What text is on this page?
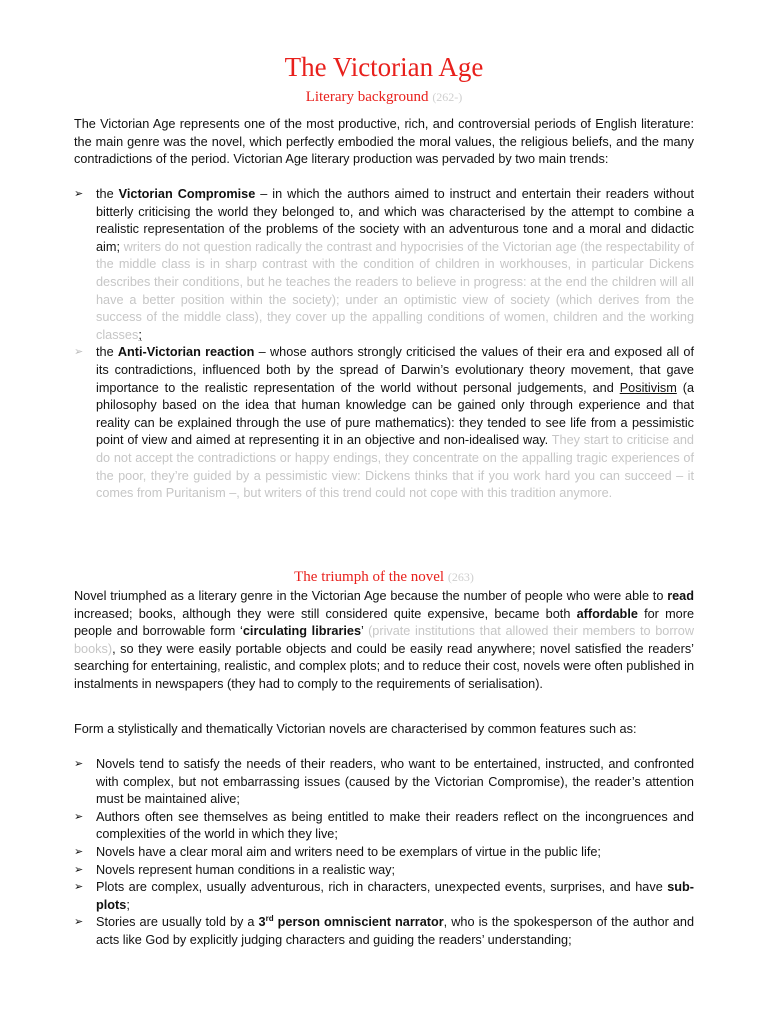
The Victorian Age
Literary background (262-)

The Victorian Age represents one of the most productive, rich, and controversial periods of English literature: the main genre was the novel, which perfectly embodied the moral values, the religious beliefs, and the many contradictions of the period. Victorian Age literary production was pervaded by two main trends:

➢	the Victorian Compromise – in which the authors aimed to instruct and entertain their readers without bitterly criticising the world they belonged to, and which was characterised by the attempt to combine a realistic representation of the problems of the society with an adventurous tone and a moral and didactic aim; writers do not question radically the contrast and hypocrisies of the Victorian age (the respectability of the middle class is in sharp contrast with the condition of children in workhouses, in particular Dickens describes their conditions, but he teaches the readers to believe in progress: at the end the children will all have a better position within the society); under an optimistic view of society (which derives from the success of the middle class), they cover up the appalling conditions of women, children and the working classes;
➢	the Anti-Victorian reaction – whose authors strongly criticised the values of their era and exposed all of its contradictions, influenced both by the spread of Darwin’s evolutionary theory movement, that gave importance to the realistic representation of the world without personal judgements, and Positivism (a philosophy based on the idea that human knowledge can be gained only through experience and that reality can be explained through the use of pure mathematics): they tended to see life from a pessimistic point of view and aimed at representing it in an objective and non-idealised way. They start to criticise and do not accept the contradictions or happy endings, they concentrate on the appalling tragic experiences of the poor, they’re guided by a pessimistic view: Dickens thinks that if you work hard you can succeed – it comes from Puritanism –, but writers of this trend could not cope with this tradition anymore.
The triumph of the novel (263)

Novel triumphed as a literary genre in the Victorian Age because the number of people who were able to read increased; books, although they were still considered quite expensive, became both affordable for more people and borrowable form ‘circulating libraries’ (private institutions that allowed their members to borrow books), so they were easily portable objects and could be easily read anywhere; novel satisfied the readers’ searching for entertaining, realistic, and complex plots; and to reduce their cost, novels were often published in instalments in newspapers (they had to comply to the requirements of serialisation).

Form a stylistically and thematically Victorian novels are characterised by common features such as:

➢	Novels tend to satisfy the needs of their readers, who want to be entertained, instructed, and confronted with complex, but not embarrassing issues (caused by the Victorian Compromise), the reader’s attention must be maintained alive;
➢	Authors often see themselves as being entitled to make their readers reflect on the incongruences and complexities of the world in which they live;
➢	Novels have a clear moral aim and writers need to be exemplars of virtue in the public life;
➢	Novels represent human conditions in a realistic way;
➢	Plots are complex, usually adventurous, rich in characters, unexpected events, surprises, and have sub-plots;
➢	Stories are usually told by a 3rd person omniscient narrator, who is the spokesperson of the author and acts like God by explicitly judging characters and guiding the readers’ understanding;
